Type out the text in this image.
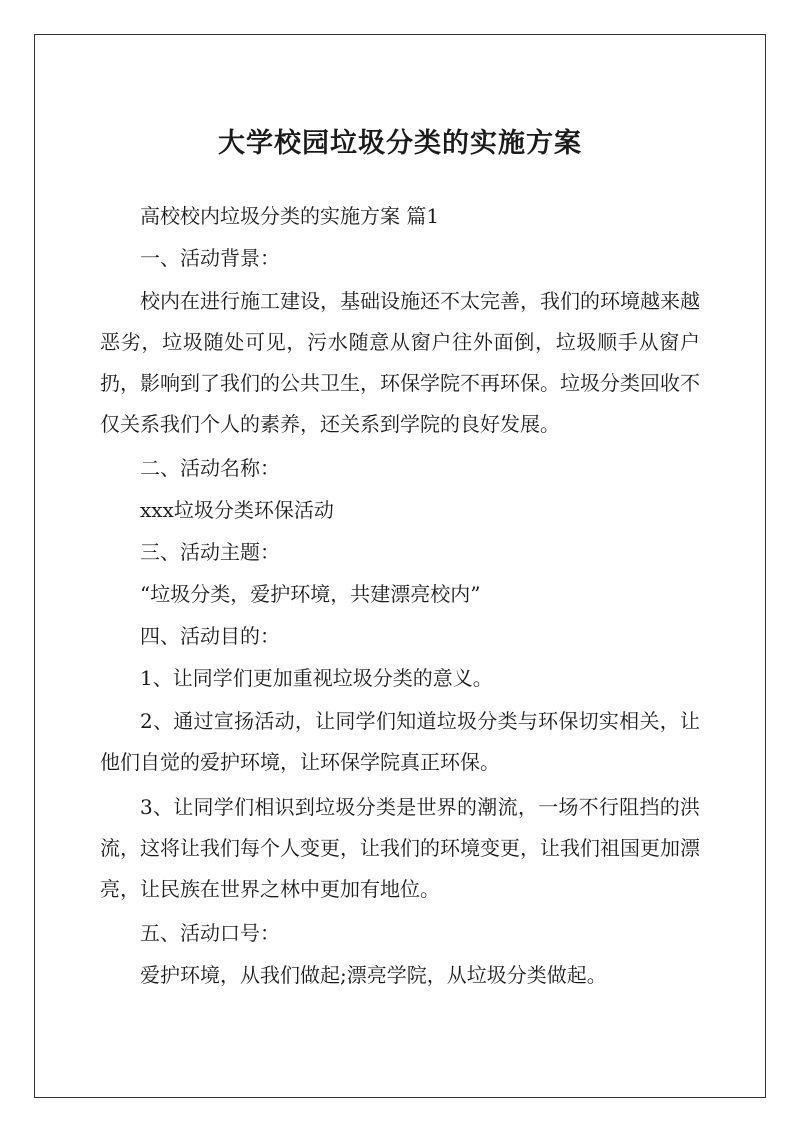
大学校园垃圾分类的实施方案

高校校内垃圾分类的实施方案 篇1

一、活动背景：

校内在进行施工建设，基础设施还不太完善，我们的环境越来越恶劣，垃圾随处可见，污水随意从窗户往外面倒，垃圾顺手从窗户扔，影响到了我们的公共卫生，环保学院不再环保。垃圾分类回收不仅关系我们个人的素养，还关系到学院的良好发展。

二、活动名称：

xxx垃圾分类环保活动

三、活动主题：

“垃圾分类，爱护环境，共建漂亮校内”

四、活动目的：

1、让同学们更加重视垃圾分类的意义。

2、通过宣扬活动，让同学们知道垃圾分类与环保切实相关，让他们自觉的爱护环境，让环保学院真正环保。

3、让同学们相识到垃圾分类是世界的潮流，一场不行阻挡的洪流，这将让我们每个人变更，让我们的环境变更，让我们祖国更加漂亮，让民族在世界之林中更加有地位。

五、活动口号：

爱护环境，从我们做起;漂亮学院，从垃圾分类做起。
